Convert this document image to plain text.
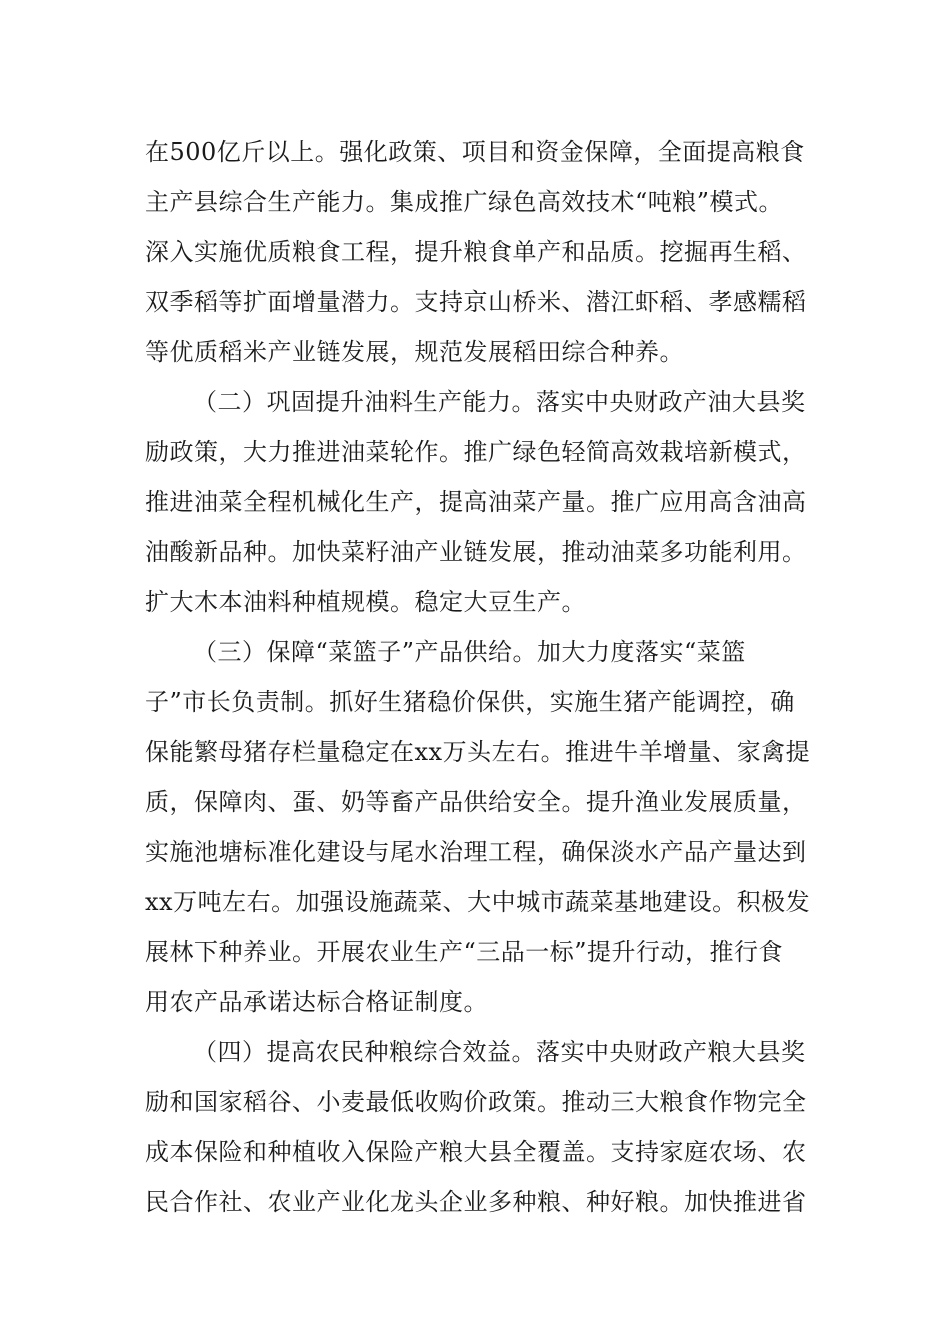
在500亿斤以上。强化政策、项目和资金保障，全面提高粮食
主产县综合生产能力。集成推广绿色高效技术“吨粮”模式。
深入实施优质粮食工程，提升粮食单产和品质。挖掘再生稻、
双季稻等扩面增量潜力。支持京山桥米、潜江虾稻、孝感糯稻
等优质稻米产业链发展，规范发展稻田综合种养。
（二）巩固提升油料生产能力。落实中央财政产油大县奖
励政策，大力推进油菜轮作。推广绿色轻简高效栽培新模式，
推进油菜全程机械化生产，提高油菜产量。推广应用高含油高
油酸新品种。加快菜籽油产业链发展，推动油菜多功能利用。
扩大木本油料种植规模。稳定大豆生产。
（三）保障“菜篮子”产品供给。加大力度落实“菜篮
子”市长负责制。抓好生猪稳价保供，实施生猪产能调控，确
保能繁母猪存栏量稳定在xx万头左右。推进牛羊增量、家禽提
质，保障肉、蛋、奶等畜产品供给安全。提升渔业发展质量，
实施池塘标准化建设与尾水治理工程，确保淡水产品产量达到
xx万吨左右。加强设施蔬菜、大中城市蔬菜基地建设。积极发
展林下种养业。开展农业生产“三品一标”提升行动，推行食
用农产品承诺达标合格证制度。
（四）提高农民种粮综合效益。落实中央财政产粮大县奖
励和国家稻谷、小麦最低收购价政策。推动三大粮食作物完全
成本保险和种植收入保险产粮大县全覆盖。支持家庭农场、农
民合作社、农业产业化龙头企业多种粮、种好粮。加快推进省
